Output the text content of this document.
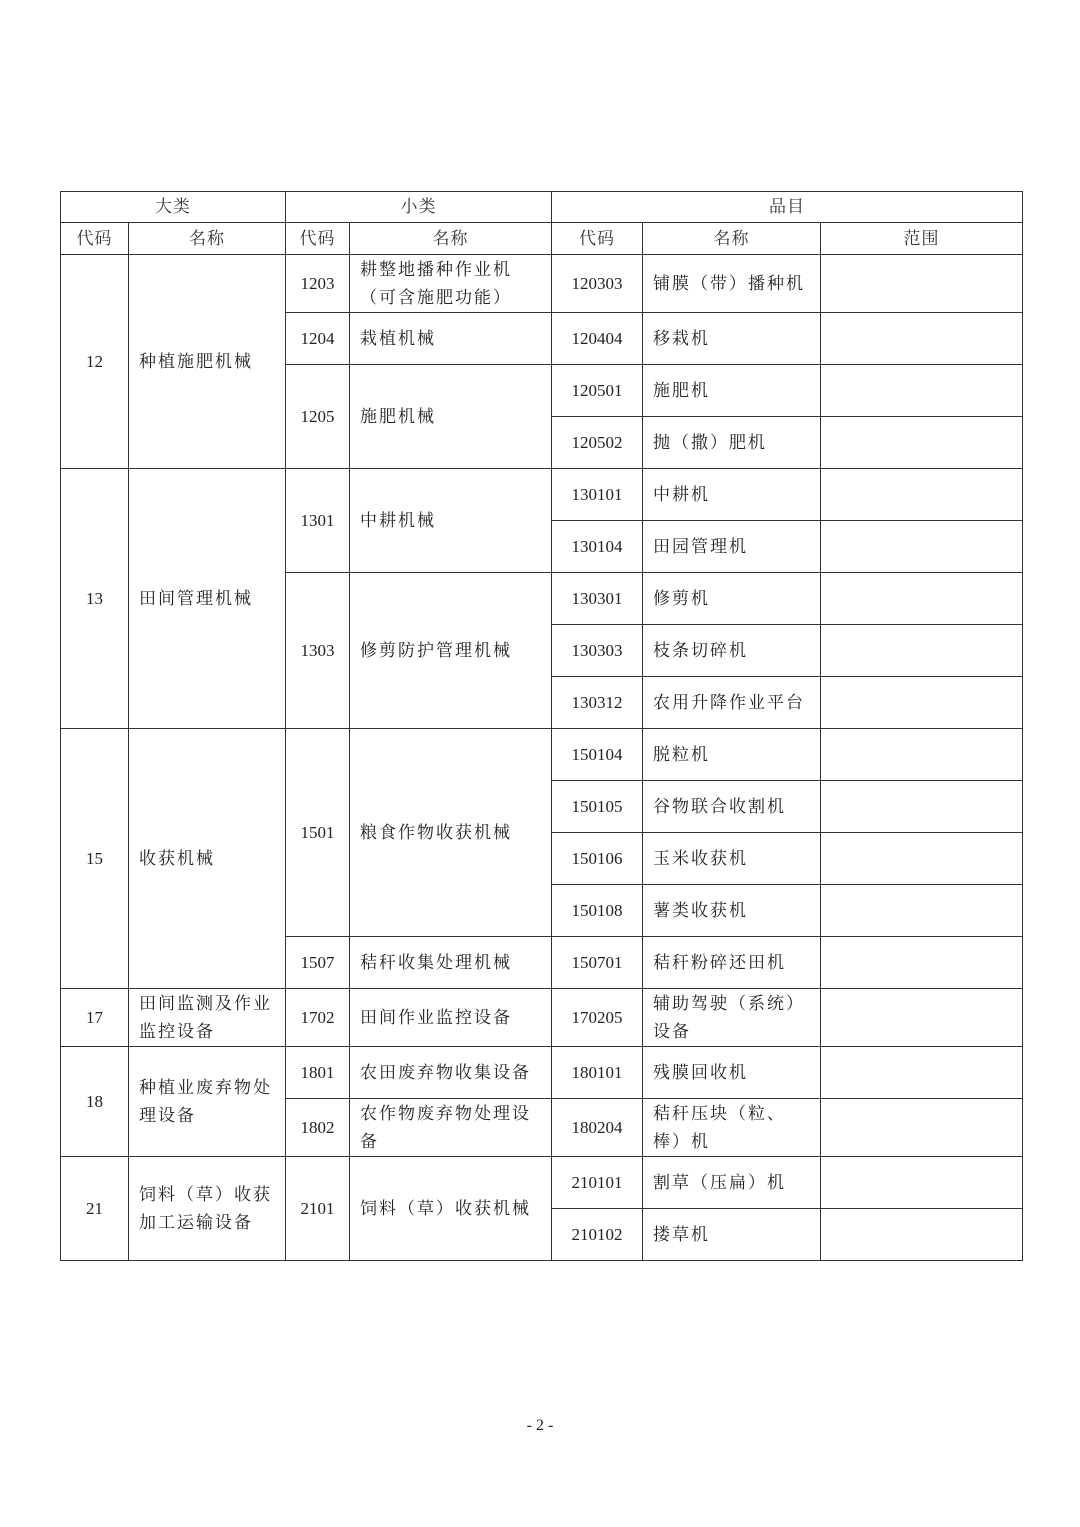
大类		小类		品目		
代码	名称	代码	名称	代码	名称	范围
12	种植施肥机械	1203	耕整地播种作业机（可含施肥功能）	120303	铺膜（带）播种机	
		1204	栽植机械	120404	移栽机	
		1205	施肥机械	120501	施肥机	
				120502	抛（撒）肥机	
13	田间管理机械	1301	中耕机械	130101	中耕机	
				130104	田园管理机	
		1303	修剪防护管理机械	130301	修剪机	
				130303	枝条切碎机	
				130312	农用升降作业平台	
15	收获机械	1501	粮食作物收获机械	150104	脱粒机	
				150105	谷物联合收割机	
				150106	玉米收获机	
				150108	薯类收获机	
		1507	秸秆收集处理机械	150701	秸秆粉碎还田机	
17	田间监测及作业监控设备	1702	田间作业监控设备	170205	辅助驾驶（系统）设备	
18	种植业废弃物处理设备	1801	农田废弃物收集设备	180101	残膜回收机	
		1802	农作物废弃物处理设备	180204	秸秆压块（粒、棒）机	
21	饲料（草）收获加工运输设备	2101	饲料（草）收获机械	210101	割草（压扁）机	
				210102	搂草机	
- 2 -
